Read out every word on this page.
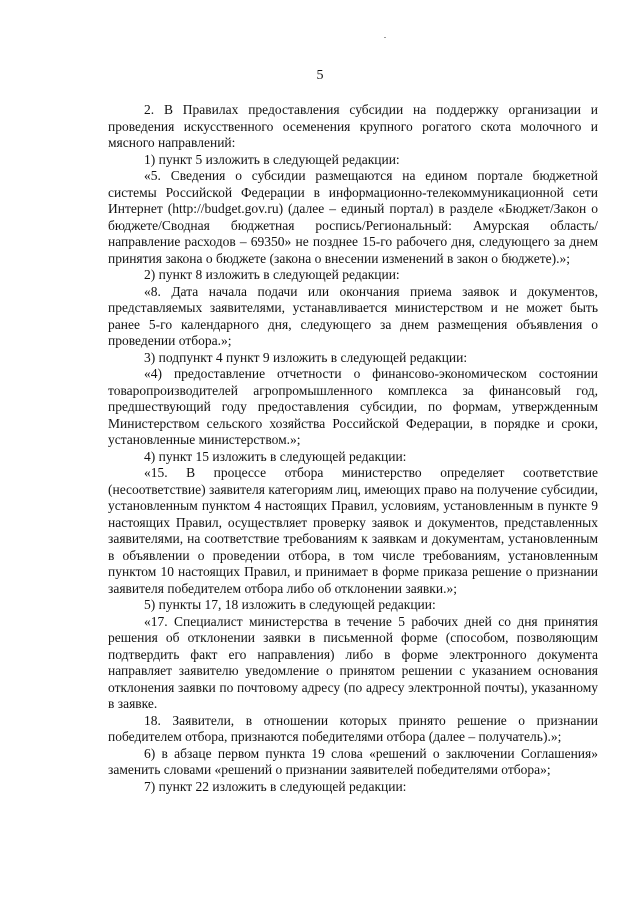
5

2. В Правилах предоставления субсидии на поддержку организации и проведения искусственного осеменения крупного рогатого скота молочного и мясного направлений:

1) пункт 5 изложить в следующей редакции:

«5. Сведения о субсидии размещаются на едином портале бюджетной системы Российской Федерации в информационно-телекоммуникационной сети Интернет (http://budget.gov.ru) (далее – единый портал) в разделе «Бюджет/Закон о бюджете/Сводная бюджетная роспись/Региональный: Амурская область/направление расходов – 69350» не позднее 15-го рабочего дня, следующего за днем принятия закона о бюджете (закона о внесении изменений в закон о бюджете).»;

2) пункт 8 изложить в следующей редакции:

«8. Дата начала подачи или окончания приема заявок и документов, представляемых заявителями, устанавливается министерством и не может быть ранее 5-го календарного дня, следующего за днем размещения объявления о проведении отбора.»;

3) подпункт 4 пункт 9 изложить в следующей редакции:

«4) предоставление отчетности о финансово-экономическом состоянии товаропроизводителей агропромышленного комплекса за финансовый год, предшествующий году предоставления субсидии, по формам, утвержденным Министерством сельского хозяйства Российской Федерации, в порядке и сроки, установленные министерством.»;

4) пункт 15 изложить в следующей редакции:

«15. В процессе отбора министерство определяет соответствие (несоответствие) заявителя категориям лиц, имеющих право на получение субсидии, установленным пунктом 4 настоящих Правил, условиям, установленным в пункте 9 настоящих Правил, осуществляет проверку заявок и документов, представленных заявителями, на соответствие требованиям к заявкам и документам, установленным в объявлении о проведении отбора, в том числе требованиям, установленным пунктом 10 настоящих Правил, и принимает в форме приказа решение о признании заявителя победителем отбора либо об отклонении заявки.»;

5) пункты 17, 18 изложить в следующей редакции:

«17. Специалист министерства в течение 5 рабочих дней со дня принятия решения об отклонении заявки в письменной форме (способом, позволяющим подтвердить факт его направления) либо в форме электронного документа направляет заявителю уведомление о принятом решении с указанием основания отклонения заявки по почтовому адресу (по адресу электронной почты), указанному в заявке.

18. Заявители, в отношении которых принято решение о признании победителем отбора, признаются победителями отбора (далее – получатель).»;

6) в абзаце первом пункта 19 слова «решений о заключении Соглашения» заменить словами «решений о признании заявителей победителями отбора»;

7) пункт 22 изложить в следующей редакции:
